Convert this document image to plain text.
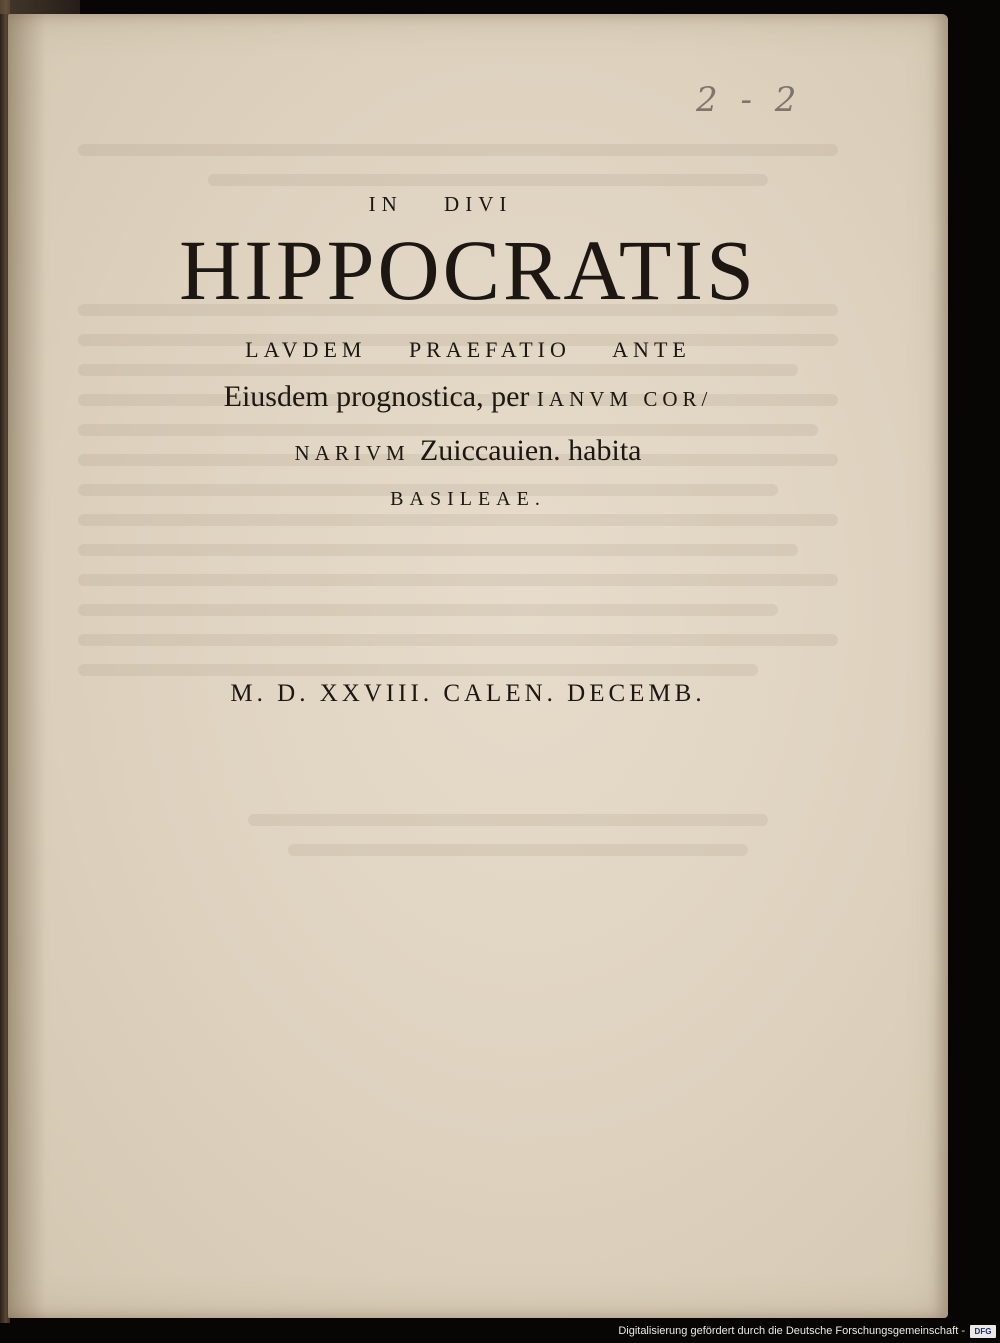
2 - 2
IN DIVI
HIPPOCRATIS
LAVDEM PRAEFATIO ANTE
Eiusdem prognostica, per IANVM COR/
NARIVM Zuiccauien. habita
BASILEAE.
M. D. XXVIII. CALEN. DECEMB.
Digitalisierung gefördert durch die Deutsche Forschungsgemeinschaft -	DFG
